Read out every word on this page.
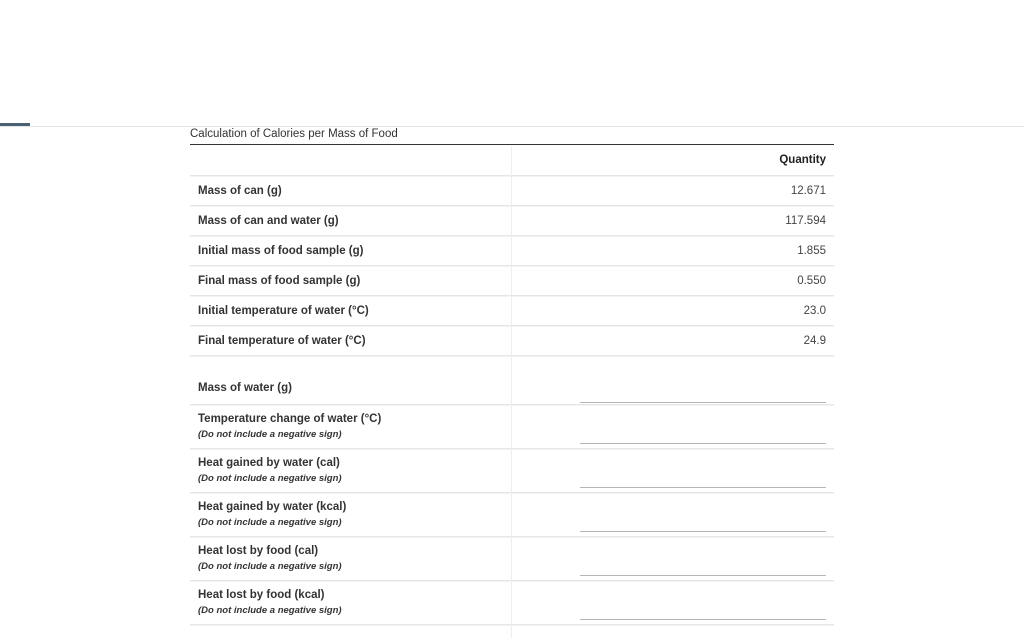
Calculation of Calories per Mass of Food
Quantity
Mass of can (g)	12.671
Mass of can and water (g)	117.594
Initial mass of food sample (g)	1.855
Final mass of food sample (g)	0.550
Initial temperature of water (°C)	23.0
Final temperature of water (°C)	24.9
Mass of water (g)
Temperature change of water (°C)
(Do not include a negative sign)
Heat gained by water (cal)
(Do not include a negative sign)
Heat gained by water (kcal)
(Do not include a negative sign)
Heat lost by food (cal)
(Do not include a negative sign)
Heat lost by food (kcal)
(Do not include a negative sign)
